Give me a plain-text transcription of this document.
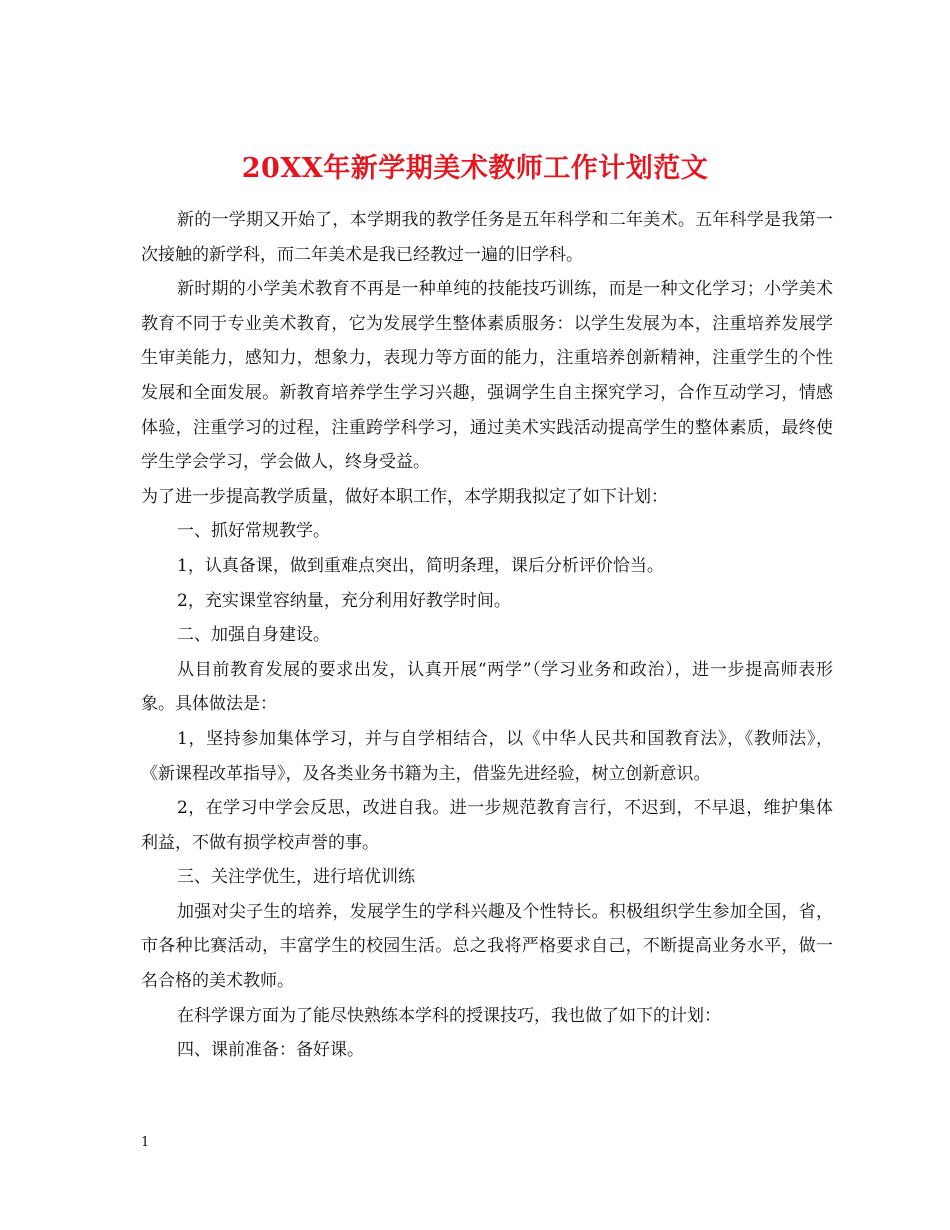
20XX年新学期美术教师工作计划范文

新的一学期又开始了，本学期我的教学任务是五年科学和二年美术。五年科学是我第一次接触的新学科，而二年美术是我已经教过一遍的旧学科。

新时期的小学美术教育不再是一种单纯的技能技巧训练，而是一种文化学习；小学美术教育不同于专业美术教育，它为发展学生整体素质服务：以学生发展为本，注重培养发展学生审美能力，感知力，想象力，表现力等方面的能力，注重培养创新精神，注重学生的个性发展和全面发展。新教育培养学生学习兴趣，强调学生自主探究学习，合作互动学习，情感体验，注重学习的过程，注重跨学科学习，通过美术实践活动提高学生的整体素质，最终使学生学会学习，学会做人，终身受益。

为了进一步提高教学质量，做好本职工作，本学期我拟定了如下计划：

一、抓好常规教学。

1，认真备课，做到重难点突出，简明条理，课后分析评价恰当。

2，充实课堂容纳量，充分利用好教学时间。

二、加强自身建设。

从目前教育发展的要求出发，认真开展“两学”（学习业务和政治），进一步提高师表形象。具体做法是：

1，坚持参加集体学习，并与自学相结合，以《中华人民共和国教育法》，《教师法》，《新课程改革指导》，及各类业务书籍为主，借鉴先进经验，树立创新意识。

2，在学习中学会反思，改进自我。进一步规范教育言行，不迟到，不早退，维护集体利益，不做有损学校声誉的事。

三、关注学优生，进行培优训练

加强对尖子生的培养，发展学生的学科兴趣及个性特长。积极组织学生参加全国，省，市各种比赛活动，丰富学生的校园生活。总之我将严格要求自己，不断提高业务水平，做一名合格的美术教师。

在科学课方面为了能尽快熟练本学科的授课技巧，我也做了如下的计划：

四、课前准备：备好课。

1
